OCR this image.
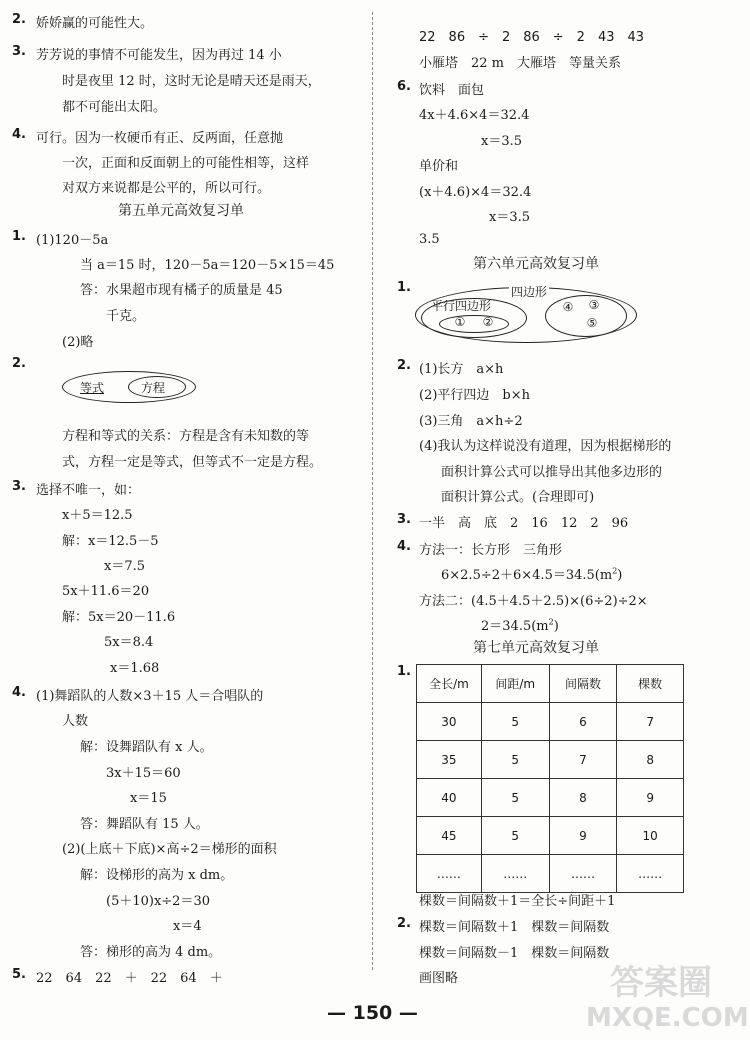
2. 娇娇赢的可能性大。
3. 芳芳说的事情不可能发生，因为再过 14 小
时是夜里 12 时，这时无论是晴天还是雨天，
都不可能出太阳。
4. 可行。因为一枚硬币有正、反两面，任意抛
一次，正面和反面朝上的可能性相等，这样
对双方来说都是公平的，所以可行。
第五单元高效复习单
1. (1)120－5a
当 a＝15 时，120－5a＝120－5×15＝45
答：水果超市现有橘子的质量是 45
千克。
(2)略
2.
等式	方程
方程和等式的关系：方程是含有未知数的等
式，方程一定是等式，但等式不一定是方程。
3. 选择不唯一，如：
x＋5＝12.5
解：x＝12.5－5
x＝7.5
5x＋11.6＝20
解：5x＝20－11.6
5x＝8.4
x＝1.68
4. (1)舞蹈队的人数×3＋15 人＝合唱队的
人数
解：设舞蹈队有 x 人。
3x＋15＝60
x＝15
答：舞蹈队有 15 人。
(2)(上底＋下底)×高÷2＝梯形的面积
解：设梯形的高为 x dm。
(5＋10)x÷2＝30
x＝4
答：梯形的高为 4 dm。
5. 22　64　22　＋　22　64　＋
22　86　÷　2　86　÷　2　43　43
小雁塔　22 m　大雁塔　等量关系
6. 饮料　面包
4x＋4.6×4＝32.4
x＝3.5
单价和
(x＋4.6)×4＝32.4
x＝3.5
3.5
第六单元高效复习单
1.	四边形
平行四边形
①	②
④	③
⑤
2. (1)长方　a×h
(2)平行四边　b×h
(3)三角　a×h÷2
(4)我认为这样说没有道理，因为根据梯形的
面积计算公式可以推导出其他多边形的
面积计算公式。(合理即可)
3. 一半　高　底　2　16　12　2　96
4. 方法一：长方形　三角形
$6\times 2.5\div 2+6\times 4.5=34.5(m^2)$
方法二：(4.5＋4.5＋2.5)×(6÷2)÷2×
$2=34.5(m^2)$
第七单元高效复习单
1.
全长/m	间距/m	间隔数	棵数
30	5	6	7
35	5	7	8
40	5	8	9
45	5	9	10
……	……	……	……
棵数＝间隔数＋1＝全长÷间距＋1
2. 棵数＝间隔数＋1　棵数＝间隔数
棵数＝间隔数－1　棵数＝间隔数
画图略
— 150 —
答案圈
MXQE.COM
